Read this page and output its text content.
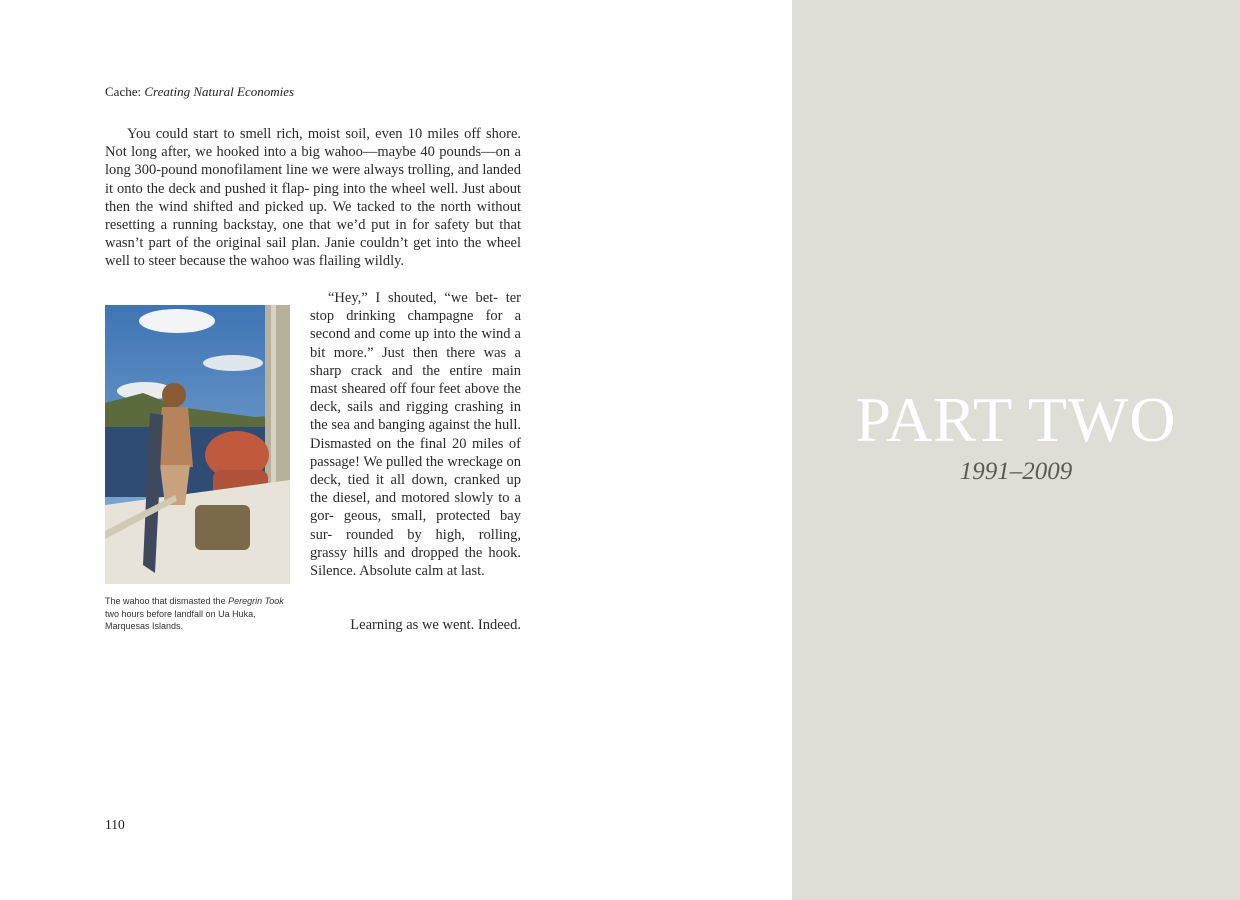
Cache: Creating Natural Economies

You could start to smell rich, moist soil, even 10 miles off shore. Not long after, we hooked into a big wahoo—maybe 40 pounds—on a long 300-pound monofilament line we were always trolling, and landed it onto the deck and pushed it flap- ping into the wheel well. Just about then the wind shifted and picked up. We tacked to the north without resetting a running backstay, one that we’d put in for safety but that wasn’t part of the original sail plan. Janie couldn’t get into the wheel well to steer because the wahoo was flailing wildly.

The wahoo that dismasted the Peregrin Took two hours before landfall on Ua Huka, Marquesas Islands.

“Hey,” I shouted, “we bet- ter stop drinking champagne for a second and come up into the wind a bit more.” Just then there was a sharp crack and the entire main mast sheared off four feet above the deck, sails and rigging crashing in the sea and banging against the hull. Dismasted on the final 20 miles of passage! We pulled the wreckage on deck, tied it all down, cranked up the diesel, and motored slowly to a gor- geous, small, protected bay sur- rounded by high, rolling, grassy hills and dropped the hook. Silence. Absolute calm at last.

Learning as we went. Indeed.

110
PART TWO
1991–2009
